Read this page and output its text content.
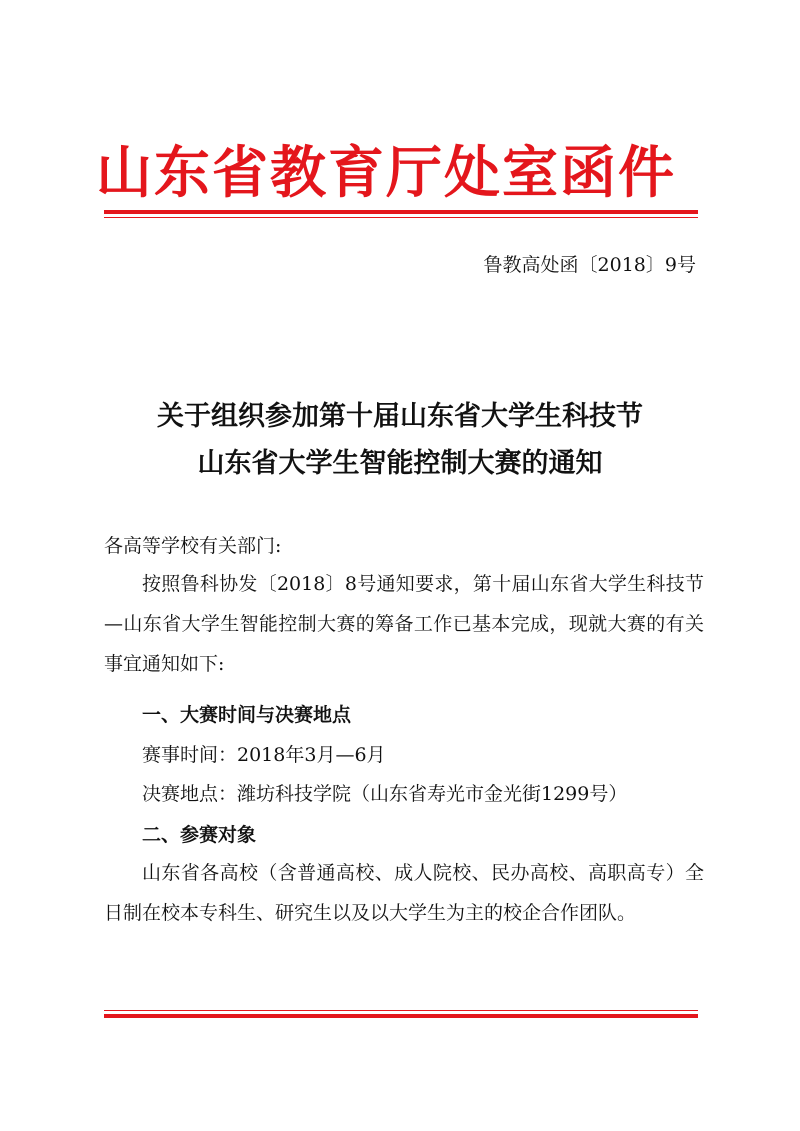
山东省教育厅处室函件
鲁教高处函〔2018〕9号
关于组织参加第十届山东省大学生科技节
山东省大学生智能控制大赛的通知
各高等学校有关部门:
按照鲁科协发〔2018〕8号通知要求，第十届山东省大学生科技节—山东省大学生智能控制大赛的筹备工作已基本完成，现就大赛的有关事宜通知如下:
一、大赛时间与决赛地点
赛事时间：2018年3月—6月
决赛地点：潍坊科技学院（山东省寿光市金光街1299号）
二、参赛对象
山东省各高校（含普通高校、成人院校、民办高校、高职高专）全日制在校本专科生、研究生以及以大学生为主的校企合作团队。
